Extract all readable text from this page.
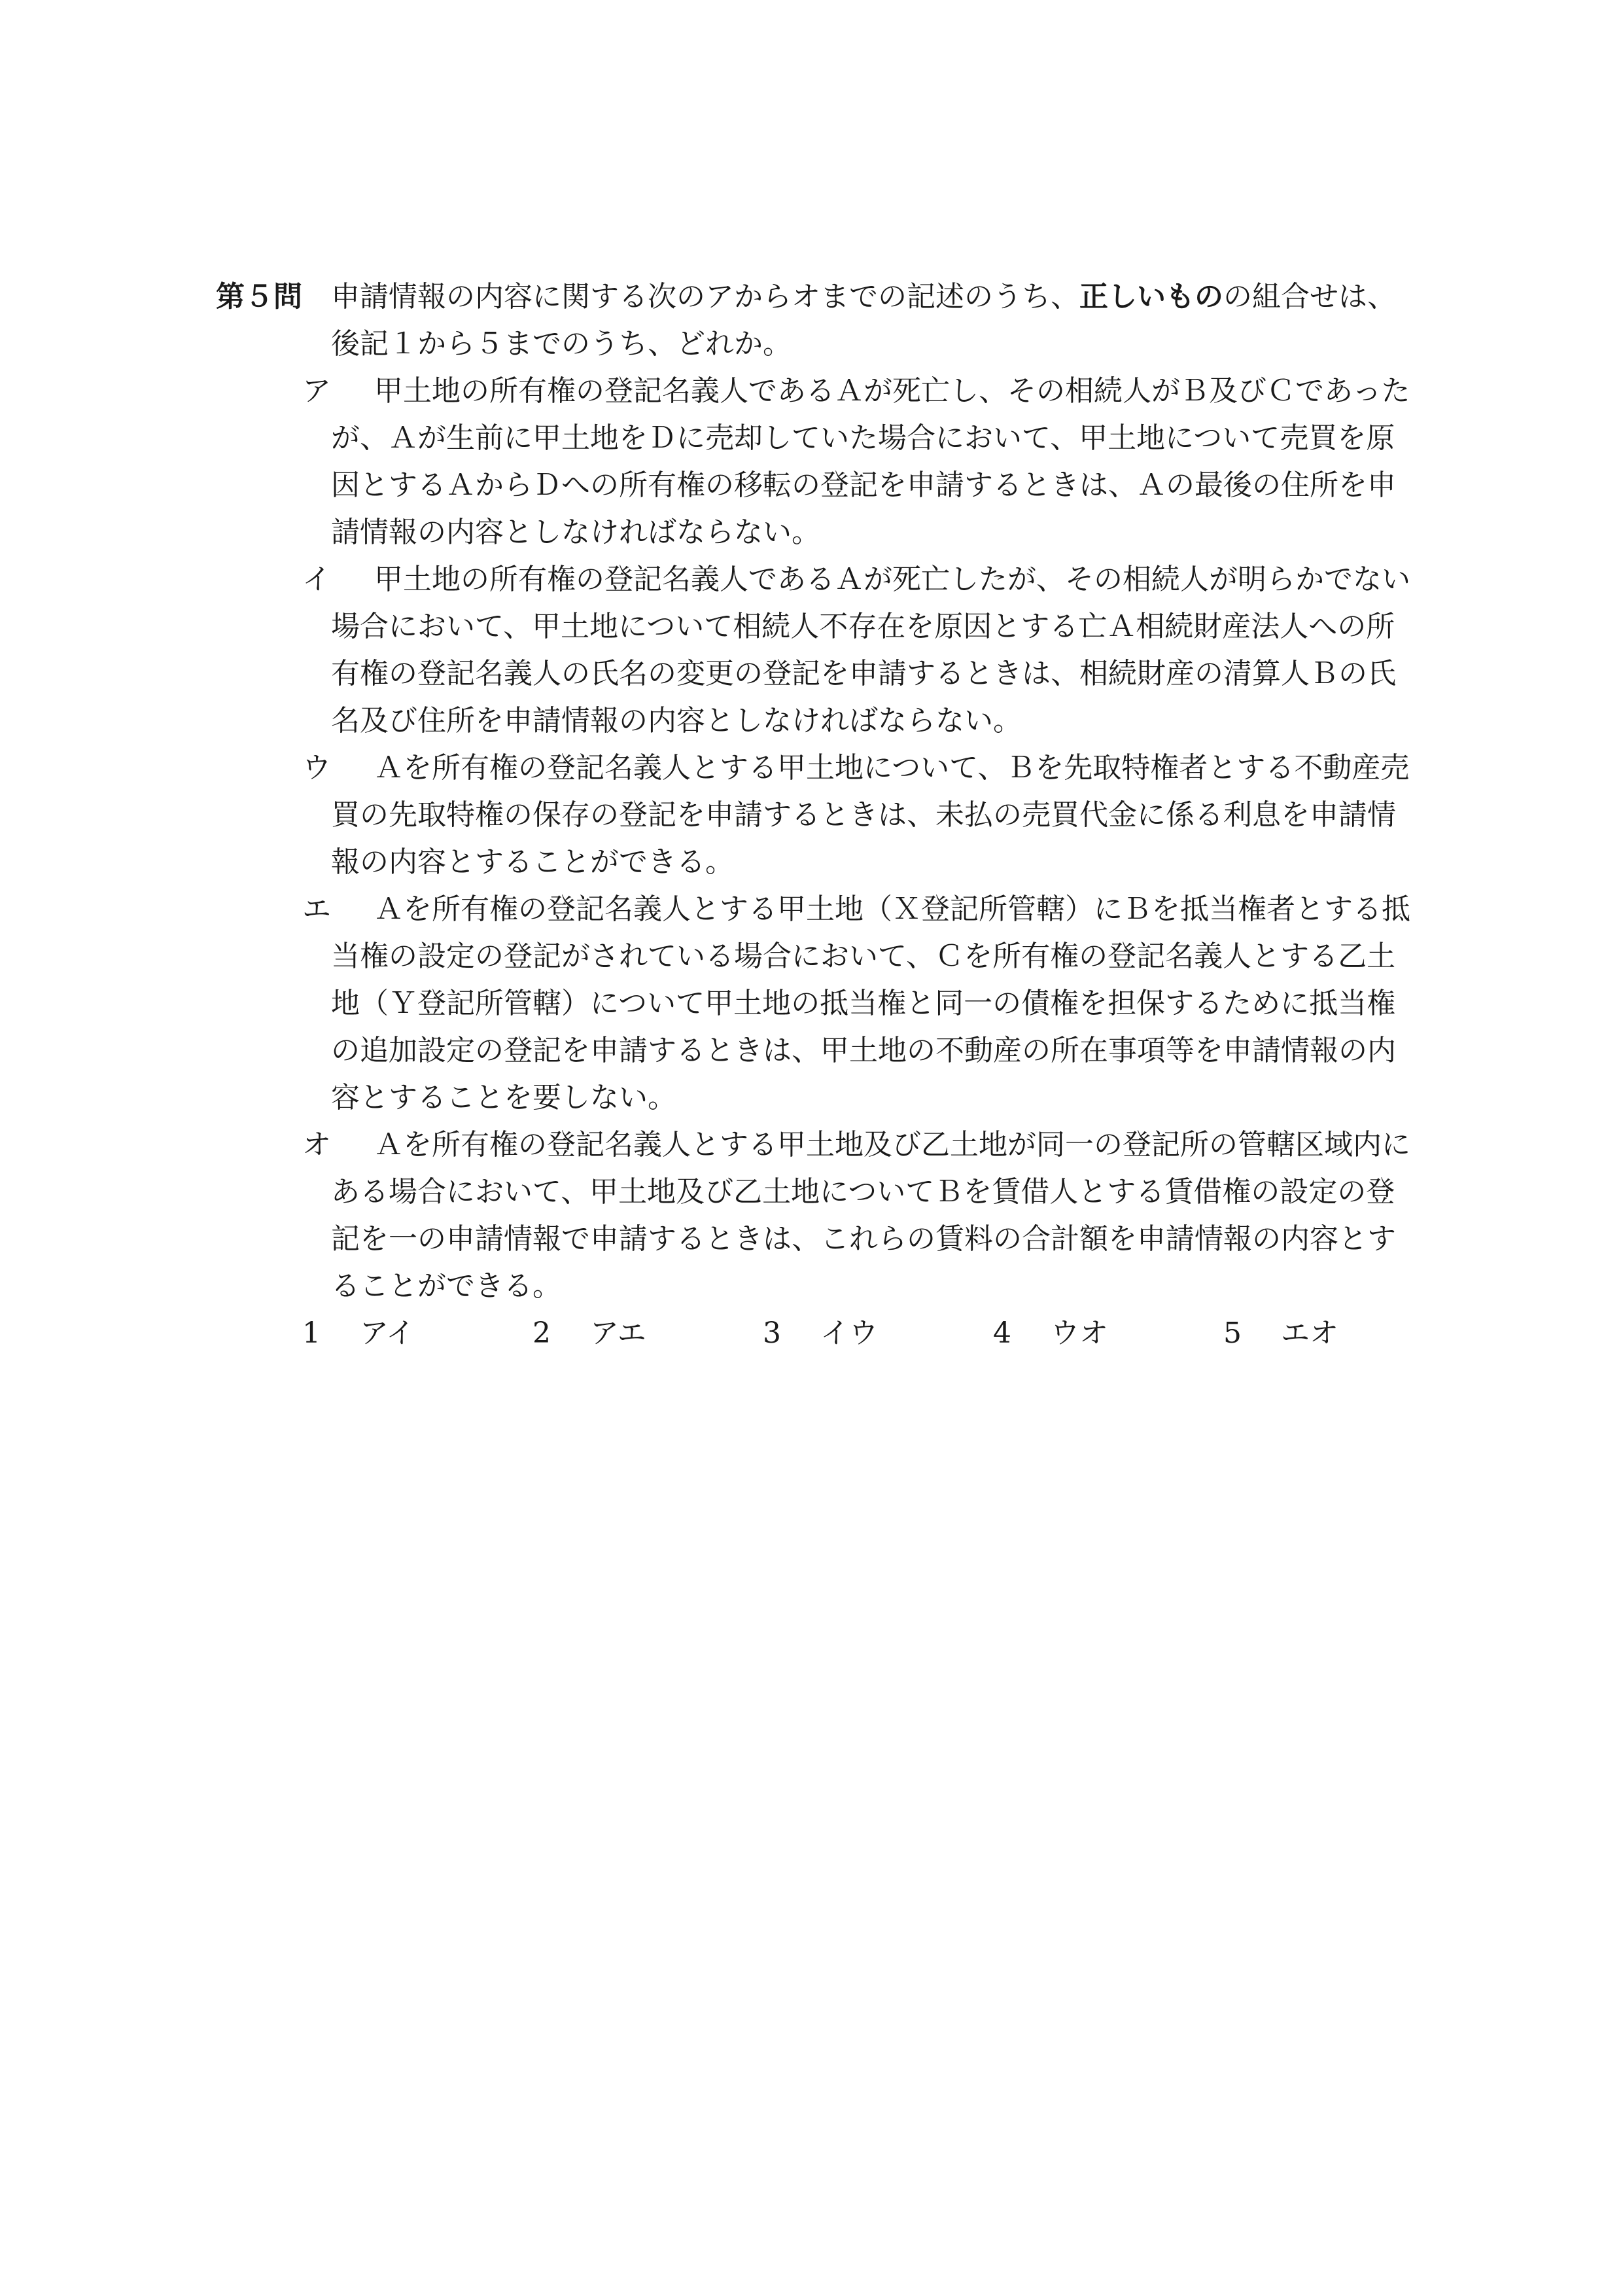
第５問 申請情報の内容に関する次のアからオまでの記述のうち、正しいものの組合せは、後記１から５までのうち、どれか。
ア 甲土地の所有権の登記名義人であるＡが死亡し、その相続人がＢ及びＣであったが、Ａが生前に甲土地をＤに売却していた場合において、甲土地について売買を原因とするＡからＤへの所有権の移転の登記を申請するときは、Ａの最後の住所を申請情報の内容としなければならない。
イ 甲土地の所有権の登記名義人であるＡが死亡したが、その相続人が明らかでない場合において、甲土地について相続人不存在を原因とする亡Ａ相続財産法人への所有権の登記名義人の氏名の変更の登記を申請するときは、相続財産の清算人Ｂの氏名及び住所を申請情報の内容としなければならない。
ウ Ａを所有権の登記名義人とする甲土地について、Ｂを先取特権者とする不動産売買の先取特権の保存の登記を申請するときは、未払の売買代金に係る利息を申請情報の内容とすることができる。
エ Ａを所有権の登記名義人とする甲土地（Ｘ登記所管轄）にＢを抵当権者とする抵当権の設定の登記がされている場合において、Ｃを所有権の登記名義人とする乙土地（Ｙ登記所管轄）について甲土地の抵当権と同一の債権を担保するために抵当権の追加設定の登記を申請するときは、甲土地の不動産の所在事項等を申請情報の内容とすることを要しない。
オ Ａを所有権の登記名義人とする甲土地及び乙土地が同一の登記所の管轄区域内にある場合において、甲土地及び乙土地についてＢを賃借人とする賃借権の設定の登記を一の申請情報で申請するときは、これらの賃料の合計額を申請情報の内容とすることができる。
1 アイ	2 アエ	3 イウ	4 ウオ	5 エオ
